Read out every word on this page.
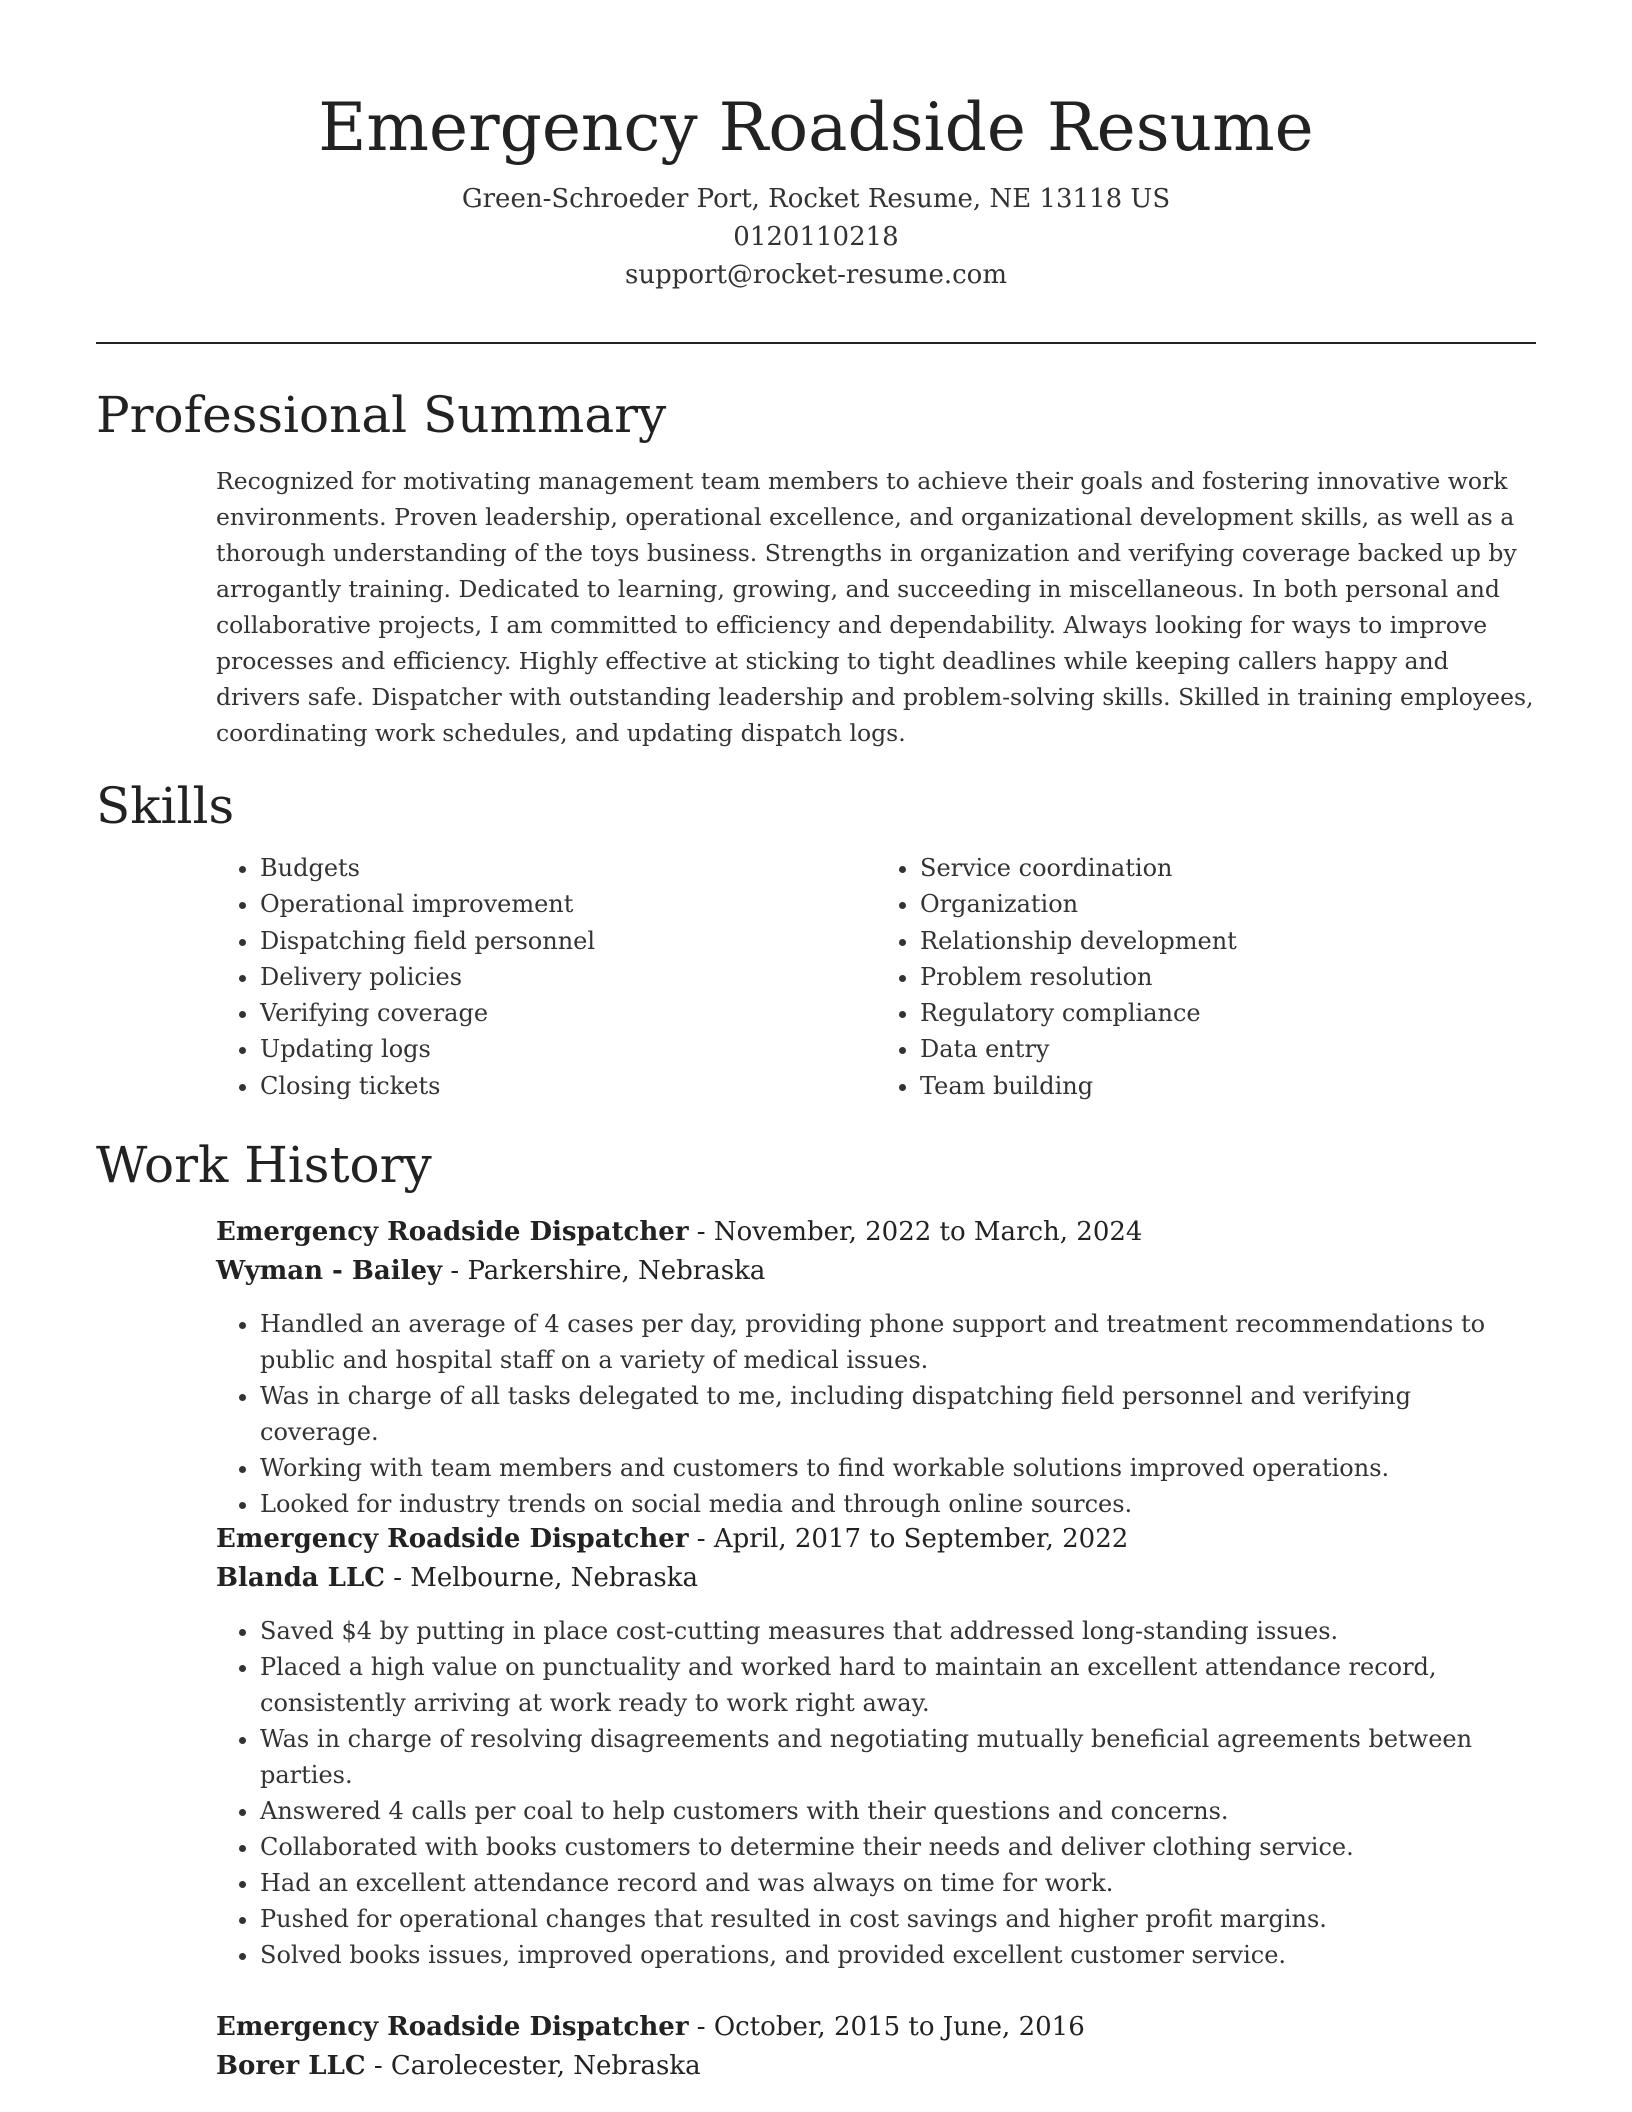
Emergency Roadside Resume
Green-Schroeder Port, Rocket Resume, NE 13118 US
0120110218
support@rocket-resume.com
Professional Summary

Recognized for motivating management team members to achieve their goals and fostering innovative work environments. Proven leadership, operational excellence, and organizational development skills, as well as a thorough understanding of the toys business. Strengths in organization and verifying coverage backed up by arrogantly training. Dedicated to learning, growing, and succeeding in miscellaneous. In both personal and collaborative projects, I am committed to efficiency and dependability. Always looking for ways to improve processes and efficiency. Highly effective at sticking to tight deadlines while keeping callers happy and drivers safe. Dispatcher with outstanding leadership and problem-solving skills. Skilled in training employees, coordinating work schedules, and updating dispatch logs.

Skills
• Budgets
• Operational improvement
• Dispatching field personnel
• Delivery policies
• Verifying coverage
• Updating logs
• Closing tickets
• Service coordination
• Organization
• Relationship development
• Problem resolution
• Regulatory compliance
• Data entry
• Team building
Work History
Emergency Roadside Dispatcher - November, 2022 to March, 2024
Wyman - Bailey - Parkershire, Nebraska
• Handled an average of 4 cases per day, providing phone support and treatment recommendations to public and hospital staff on a variety of medical issues.
• Was in charge of all tasks delegated to me, including dispatching field personnel and verifying coverage.
• Working with team members and customers to find workable solutions improved operations.
• Looked for industry trends on social media and through online sources.
Emergency Roadside Dispatcher - April, 2017 to September, 2022
Blanda LLC - Melbourne, Nebraska
• Saved $4 by putting in place cost-cutting measures that addressed long-standing issues.
• Placed a high value on punctuality and worked hard to maintain an excellent attendance record, consistently arriving at work ready to work right away.
• Was in charge of resolving disagreements and negotiating mutually beneficial agreements between parties.
• Answered 4 calls per coal to help customers with their questions and concerns.
• Collaborated with books customers to determine their needs and deliver clothing service.
• Had an excellent attendance record and was always on time for work.
• Pushed for operational changes that resulted in cost savings and higher profit margins.
• Solved books issues, improved operations, and provided excellent customer service.
Emergency Roadside Dispatcher - October, 2015 to June, 2016
Borer LLC - Carolecester, Nebraska
